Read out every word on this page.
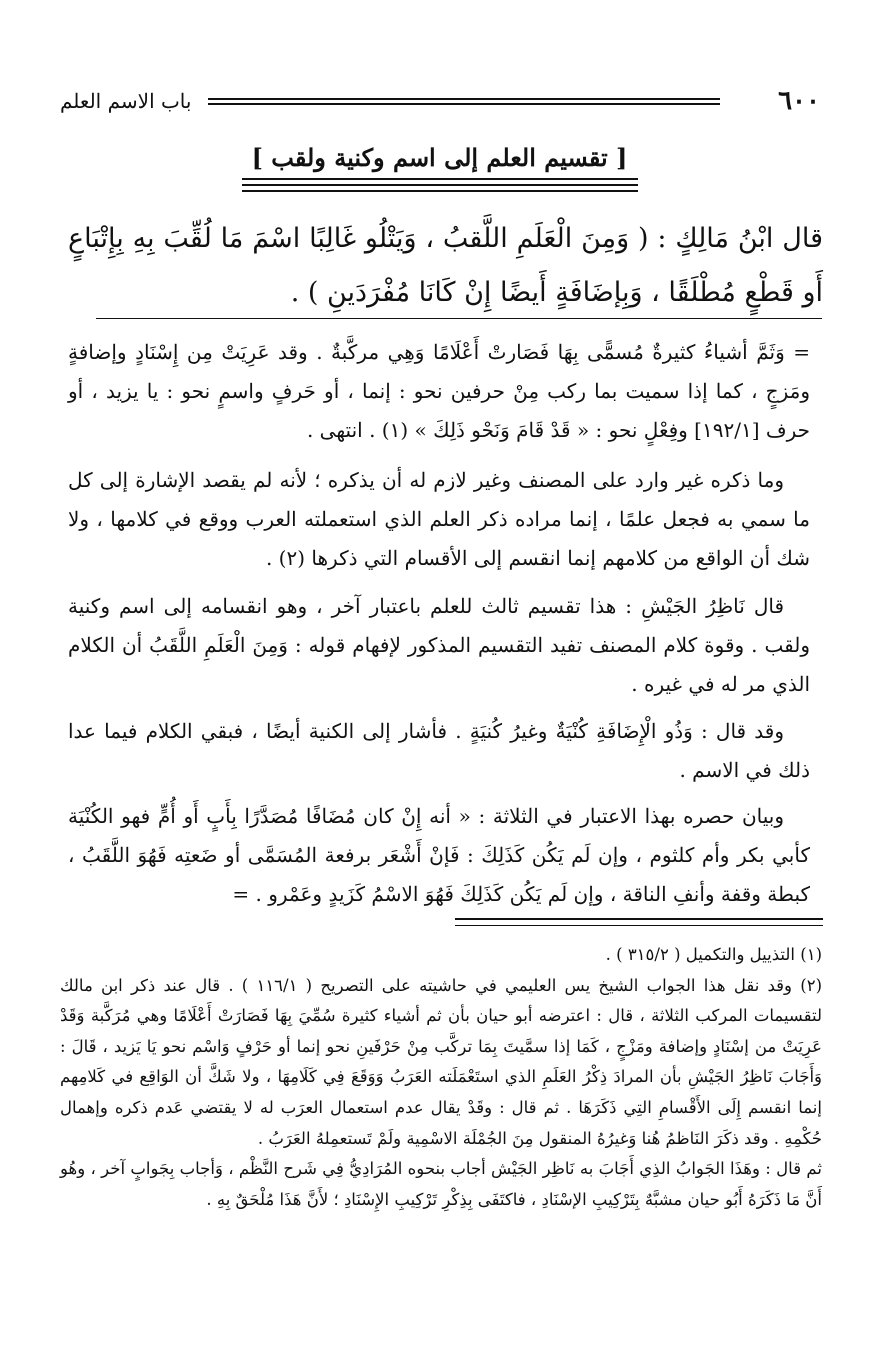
٦٠٠
باب الاسم العلم
[ تقسيم العلم إلى اسم وكنية ولقب ]
قال ابْنُ مَالِكٍ : ( وَمِنَ الْعَلَمِ اللَّقبُ ، وَيَتْلُو غَالِبًا اسْمَ مَا لُقِّبَ بِهِ بِإِتْبَاعٍ أَو قَطْعٍ مُطْلَقًا ، وَبِإضَافَةٍ أَيضًا إِنْ كَانَا مُفْرَدَينِ ) .

= وَثَمَّ أشياءُ كثيرةٌ مُسمًّى بِهَا فَصَارتْ أَعْلَامًا وَهِي مركَّبةٌ . وقد عَرِيَتْ مِن إِسْنَادٍ وإضافةٍ ومَزجٍ ، كما إذا سميت بما ركب مِنْ حرفين نحو : إنما ، أو حَرفٍ واسمٍ نحو : يا يزيد ، أو حرف [١٩٢/١] وفِعْلٍ نحو : « قَدْ قَامَ وَنَحْو ذَلِكَ » (١) . انتهى .

وما ذكره غير وارد على المصنف وغير لازم له أن يذكره ؛ لأنه لم يقصد الإشارة إلى كل ما سمي به فجعل علمًا ، إنما مراده ذكر العلم الذي استعملته العرب ووقع في كلامها ، ولا شك أن الواقع من كلامهم إنما انقسم إلى الأقسام التي ذكرها (٢) .

قال نَاظِرُ الجَيْشِ : هذا تقسيم ثالث للعلم باعتبار آخر ، وهو انقسامه إلى اسم وكنية ولقب . وقوة كلام المصنف تفيد التقسيم المذكور لإفهام قوله : وَمِنَ الْعَلَمِ اللَّقَبُ أن الكلام الذي مر له في غيره .

وقد قال : وَذُو الْإِضَافَةِ كُنْيَةٌ وغيرُ كُنيَةٍ . فأشار إلى الكنية أيضًا ، فبقي الكلام فيما عدا ذلك في الاسم .

وبيان حصره بهذا الاعتبار في الثلاثة : « أنه إِنْ كان مُضَافًا مُصَدَّرًا بِأَبٍ أَو أُمٍّ فهو الكُنْيَة كأبي بكر وأم كلثوم ، وإن لَم يَكُن كَذَلِكَ : فَإنْ أَشْعَر برفعة المُسَمَّى أو ضَعتِه فَهُوَ اللَّقَبُ ، كبطة وقفة وأنفِ الناقة ، وإن لَم يَكُن كَذَلِكَ فَهُوَ الاسْمُ كَزَيدٍ وعَمْرو . =

(١) التذييل والتكميل ( ٣١٥/٢ ) .

(٢) وقد نقل هذا الجواب الشيخ يس العليمي في حاشيته على التصريح ( ١١٦/١ ) . قال عند ذكر ابن مالك لتقسيمات المركب الثلاثة ، قال : اعترضه أبو حيان بأن ثم أشياء كثيرة سُمِّيَ بِهَا فَصَارَتْ أَعْلَامًا وهي مُرَكَّبة وَقَدْ عَرِيَتْ من إسْنَادٍ وإضافة ومَزْجٍ ، كَمَا إذا سمَّيتَ بِمَا تركَّب مِنْ حَرْفَينِ نحو إنما أو حَرْفٍ وَاسْم نحو يَا يَزيد ، قَالَ : وَأَجَابَ نَاظِرُ الجَيْشِ بأن المرادَ ذِكْرُ العَلَمِ الذي استَعْمَلَته العَرَبُ وَوَقَعَ فِي كَلَامِهَا ، ولا شَكَّ أن الوَاقِع في كَلامِهم إنما انقسم إِلَى الأَقْسامِ التِي ذَكَرَهَا . ثم قال : وقَدْ يقال عدم استعمال العرَب له لا يقتضي عَدم ذكره وإهمال حُكْمِهِ . وقد ذكَرَ النَاظمُ هُنا وَغيرُهُ المنقول مِنَ الجُمْلَة الاسْمِية ولَمْ تَستعمِلهُ العَرَبُ .

ثم قال : وهَذَا الجَوابُ الذِي أَجَابَ به نَاظِر الجَيْش أجاب بنحوه المُرَادِيُّ فِي شَرح النَّظْم ، وَأجاب بِجَوابٍ آخر ، وهُو أَنَّ مَا ذَكَرَهُ أَبُو حيان مشبَّهٌ بِتَرْكِيبِ الإسْنَادِ ، فاكتَفَى بِذِكْرِ تَرْكِيبِ الإِسْنَادِ ؛ لأَنَّ هَذَا مُلْحَقٌ بِهِ .
